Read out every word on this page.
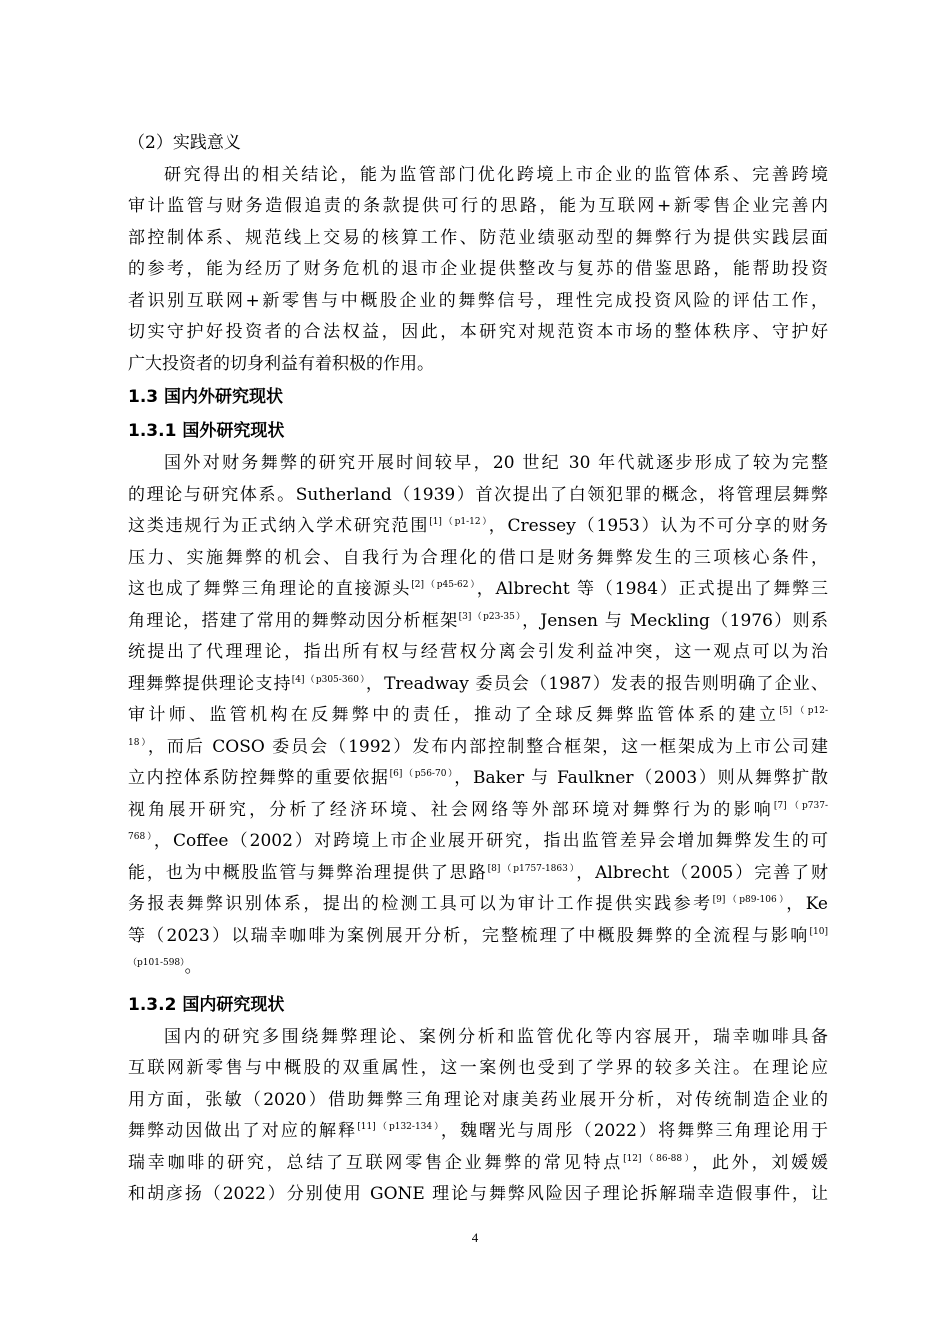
（2）实践意义
研究得出的相关结论，能为监管部门优化跨境上市企业的监管体系、完善跨境
审计监管与财务造假追责的条款提供可行的思路，能为互联网+新零售企业完善内
部控制体系、规范线上交易的核算工作、防范业绩驱动型的舞弊行为提供实践层面
的参考，能为经历了财务危机的退市企业提供整改与复苏的借鉴思路，能帮助投资
者识别互联网+新零售与中概股企业的舞弊信号，理性完成投资风险的评估工作，
切实守护好投资者的合法权益，因此，本研究对规范资本市场的整体秩序、守护好
广大投资者的切身利益有着积极的作用。
1.3 国内外研究现状
1.3.1 国外研究现状
国外对财务舞弊的研究开展时间较早，20 世纪 30 年代就逐步形成了较为完整
的理论与研究体系。Sutherland（1939）首次提出了白领犯罪的概念，将管理层舞弊
这类违规行为正式纳入学术研究范围$^{[1](p1-12)}$，Cressey（1953）认为不可分享的财务
压力、实施舞弊的机会、自我行为合理化的借口是财务舞弊发生的三项核心条件，
这也成了舞弊三角理论的直接源头$^{[2](p45-62)}$，Albrecht 等（1984）正式提出了舞弊三
角理论，搭建了常用的舞弊动因分析框架$^{[3](p23-35)}$，Jensen 与 Meckling（1976）则系
统提出了代理理论，指出所有权与经营权分离会引发利益冲突，这一观点可以为治
理舞弊提供理论支持$^{[4](p305-360)}$，Treadway 委员会（1987）发表的报告则明确了企业、
审计师、监管机构在反舞弊中的责任，推动了全球反舞弊监管体系的建立$^{[5](p12-}$
$^{18)}$，而后 COSO 委员会（1992）发布内部控制整合框架，这一框架成为上市公司建
立内控体系防控舞弊的重要依据$^{[6](p56-70)}$，Baker 与 Faulkner（2003）则从舞弊扩散
视角展开研究，分析了经济环境、社会网络等外部环境对舞弊行为的影响$^{[7](p737-}$
$^{768)}$，Coffee（2002）对跨境上市企业展开研究，指出监管差异会增加舞弊发生的可
能，也为中概股监管与舞弊治理提供了思路$^{[8](p1757-1863)}$，Albrecht（2005）完善了财
务报表舞弊识别体系，提出的检测工具可以为审计工作提供实践参考$^{[9](p89-106)}$，Ke
等（2023）以瑞幸咖啡为案例展开分析，完整梳理了中概股舞弊的全流程与影响[10]
$^{(p101-598)}$。
1.3.2 国内研究现状
国内的研究多围绕舞弊理论、案例分析和监管优化等内容展开，瑞幸咖啡具备
互联网新零售与中概股的双重属性，这一案例也受到了学界的较多关注。在理论应
用方面，张敏（2020）借助舞弊三角理论对康美药业展开分析，对传统制造企业的
舞弊动因做出了对应的解释$^{[11](p132-134)}$，魏曙光与周彤（2022）将舞弊三角理论用于
瑞幸咖啡的研究，总结了互联网零售企业舞弊的常见特点$^{[12](86-88)}$，此外，刘媛媛
和胡彦扬（2022）分别使用 GONE 理论与舞弊风险因子理论拆解瑞幸造假事件，让
4
